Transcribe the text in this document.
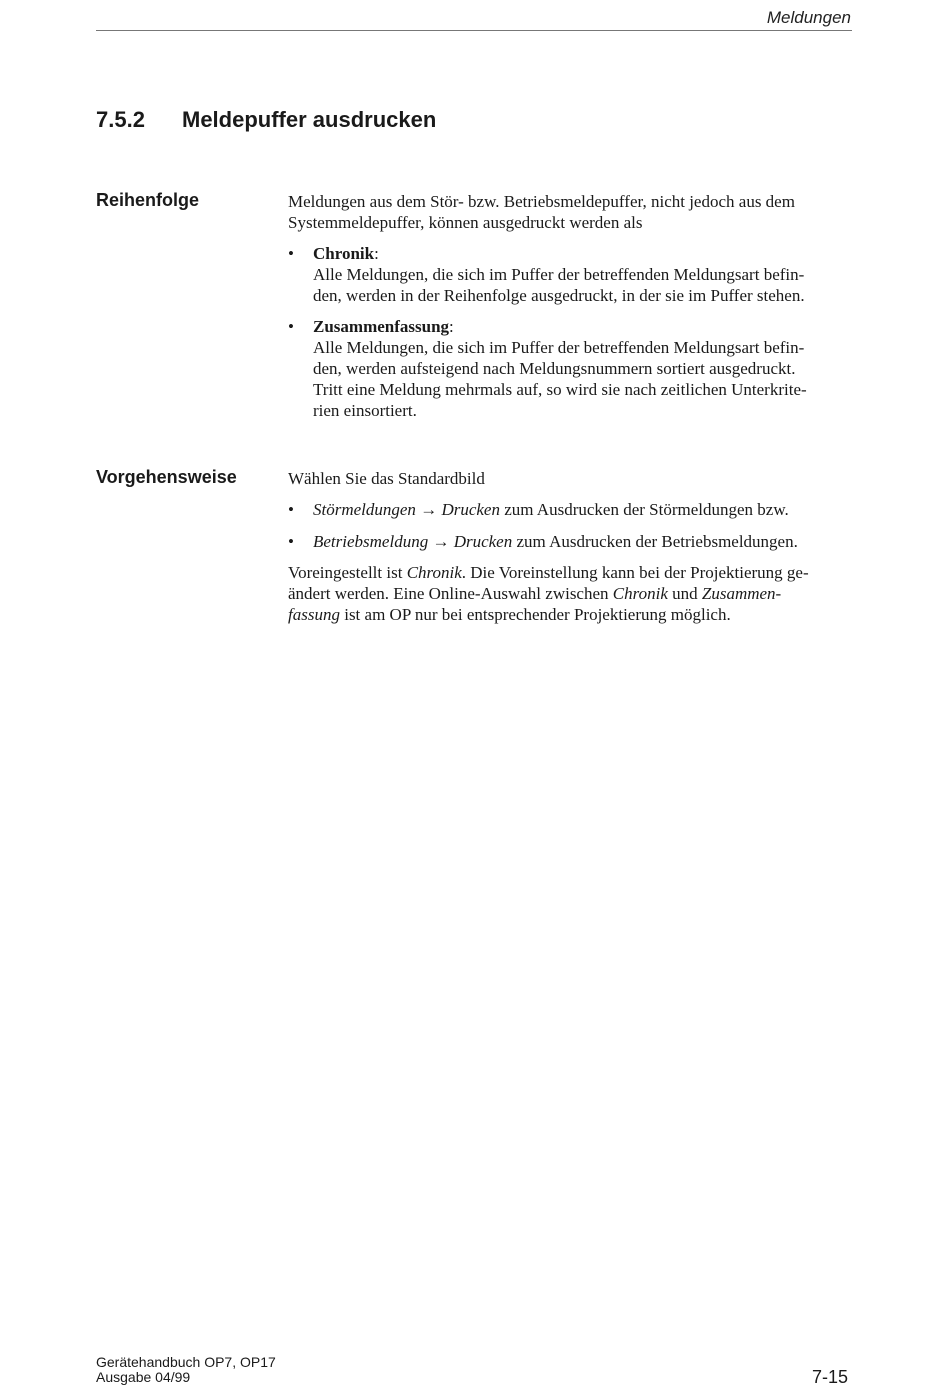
Meldungen
7.5.2 Meldepuffer ausdrucken
Reihenfolge	Meldungen aus dem Stör- bzw. Betriebsmeldepuffer, nicht jedoch aus dem Systemmeldepuffer, können ausgedruckt werden als

• Chronik:
Alle Meldungen, die sich im Puffer der betreffenden Meldungsart befin-
den, werden in der Reihenfolge ausgedruckt, in der sie im Puffer stehen.
• Zusammenfassung:
Alle Meldungen, die sich im Puffer der betreffenden Meldungsart befin-
den, werden aufsteigend nach Meldungsnummern sortiert ausgedruckt.
Tritt eine Meldung mehrmals auf, so wird sie nach zeitlichen Unterkrite-
rien einsortiert.
Vorgehensweise	Wählen Sie das Standardbild

• Störmeldungen → Drucken zum Ausdrucken der Störmeldungen bzw.
• Betriebsmeldung → Drucken zum Ausdrucken der Betriebsmeldungen.
Voreingestellt ist Chronik. Die Voreinstellung kann bei der Projektierung ge-
ändert werden. Eine Online-Auswahl zwischen Chronik und Zusammen-
fassung ist am OP nur bei entsprechender Projektierung möglich.
Gerätehandbuch OP7, OP17
Ausgabe 04/99	7-15
